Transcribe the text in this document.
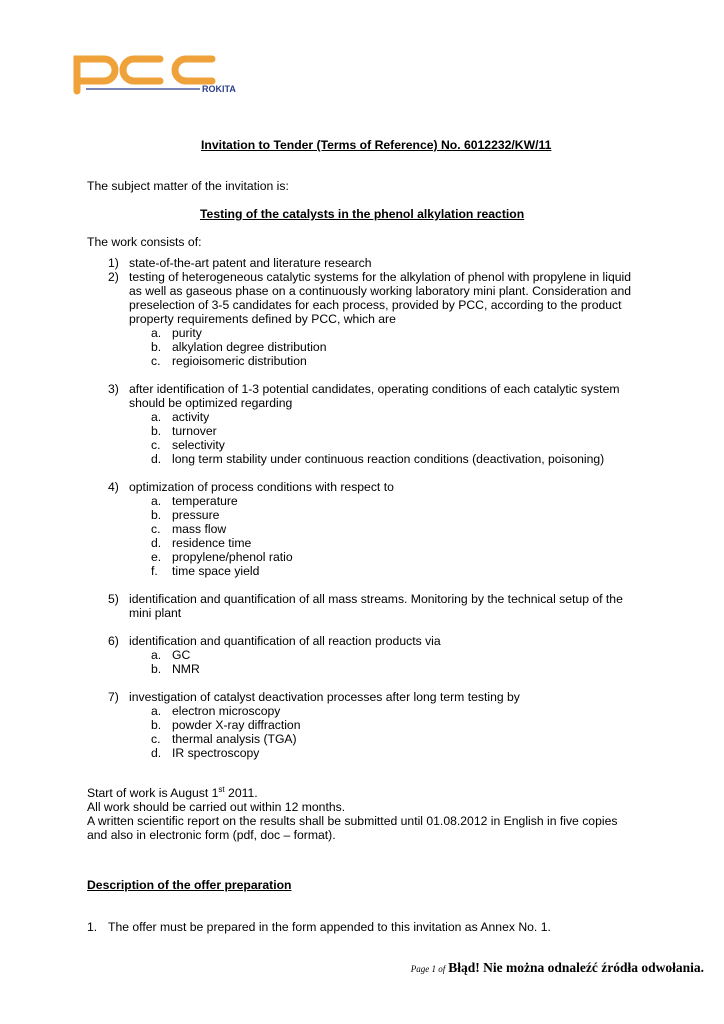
ROKITA
Invitation to Tender (Terms of Reference) No. 6012232/KW/11
The subject matter of the invitation is:
Testing of the catalysts in the phenol alkylation reaction
The work consists of:
1) state-of-the-art patent and literature research
2) testing of heterogeneous catalytic systems for the alkylation of phenol with propylene in liquid
as well as gaseous phase on a continuously working laboratory mini plant. Consideration and
preselection of 3-5 candidates for each process, provided by PCC, according to the product
property requirements defined by PCC, which are
a. purity
b. alkylation degree distribution
c. regioisomeric distribution
3) after identification of 1-3 potential candidates, operating conditions of each catalytic system
should be optimized regarding
a. activity
b. turnover
c. selectivity
d. long term stability under continuous reaction conditions (deactivation, poisoning)
4) optimization of process conditions with respect to
a. temperature
b. pressure
c. mass flow
d. residence time
e. propylene/phenol ratio
f. time space yield
5) identification and quantification of all mass streams. Monitoring by the technical setup of the
mini plant
6) identification and quantification of all reaction products via
a. GC
b. NMR
7) investigation of catalyst deactivation processes after long term testing by
a. electron microscopy
b. powder X-ray diffraction
c. thermal analysis (TGA)
d. IR spectroscopy
Start of work is August 1st 2011.
All work should be carried out within 12 months.
A written scientific report on the results shall be submitted until 01.08.2012 in English in five copies
and also in electronic form (pdf, doc – format).
Description of the offer preparation
1. The offer must be prepared in the form appended to this invitation as Annex No. 1.
Page 1 of Błąd! Nie można odnaleźć źródła odwołania.
